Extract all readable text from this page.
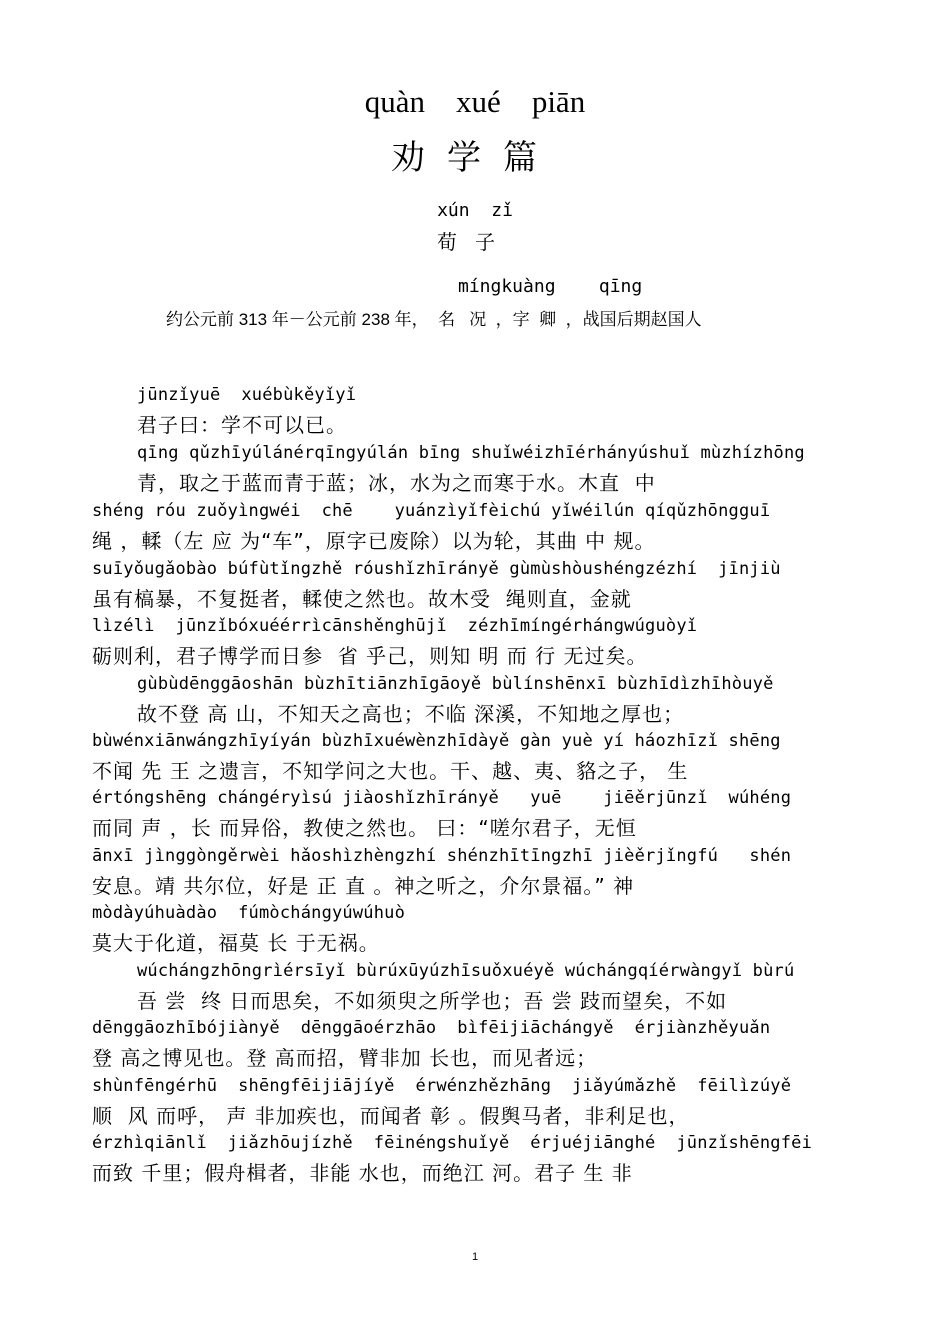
quàn    xué    piān
劝学篇
xún  zǐ
荀子
míngkuàng    qīng
约公元前 313 年－公元前 238 年，  名   况  ，字  卿  ，战国后期赵国人
jūnzǐyuē  xuébùkěyǐyǐ
君子曰：学不可以已。
qīng qǔzhīyúlánérqīngyúlán bīng shuǐwéizhīérhányúshuǐ mùzhízhōng
青，取之于蓝而青于蓝；冰，水为之而寒于水。木直  中
shéng róu zuǒyìngwéi  chē    yuánzìyǐfèichú yǐwéilún qíqǔzhōngguī
绳 ，輮（左 应 为“车”，原字已废除）以为轮，其曲 中 规。
suīyǒugǎobào búfùtǐngzhě róushǐzhīrányě gùmùshòushéngzézhí  jīnjiù
虽有槁暴，不复挺者，輮使之然也。故木受  绳则直，金就
lìzélì  jūnzǐbóxuéérrìcānshěnghūjǐ  zézhīmíngérhángwúguòyǐ
砺则利，君子博学而日参  省 乎己，则知 明 而 行 无过矣。
gùbùdēnggāoshān bùzhītiānzhīgāoyě bùlínshēnxī bùzhīdìzhīhòuyě
故不登 高 山，不知天之高也；不临 深溪，不知地之厚也；
bùwénxiānwángzhīyíyán bùzhīxuéwènzhīdàyě gàn yuè yí háozhīzǐ shēng
不闻 先 王 之遗言，不知学问之大也。干、越、夷、貉之子， 生
értóngshēng chángéryìsú jiàoshǐzhīrányě   yuē    jiēěrjūnzǐ  wúhéng
而同 声 ，长 而异俗，教使之然也。 曰：“嗟尔君子，无恒
ānxī jìnggòngěrwèi hǎoshìzhèngzhí shénzhītīngzhī jièěrjǐngfú   shén
安息。靖 共尔位，好是 正 直 。神之听之，介尔景福。” 神
mòdàyúhuàdào  fúmòchángyúwúhuò
莫大于化道，福莫 长 于无祸。
wúchángzhōngrìérsīyǐ bùrúxūyúzhīsuǒxuéyě wúchángqíérwàngyǐ bùrú
吾 尝  终 日而思矣，不如须臾之所学也；吾 尝 跂而望矣，不如
dēnggāozhībójiànyě  dēnggāoérzhāo  bìfēijiāchángyě  érjiànzhěyuǎn
登 高之博见也。登 高而招，臂非加 长也，而见者远；
shùnfēngérhū  shēngfēijiājíyě  érwénzhězhāng  jiǎyúmǎzhě  fēilìzúyě
顺  风 而呼， 声 非加疾也，而闻者 彰 。假舆马者，非利足也，
érzhìqiānlǐ  jiǎzhōujízhě  fēinéngshuǐyě  érjuéjiānghé  jūnzǐshēngfēi
而致 千里；假舟楫者，非能 水也，而绝江 河。君子 生 非
1
